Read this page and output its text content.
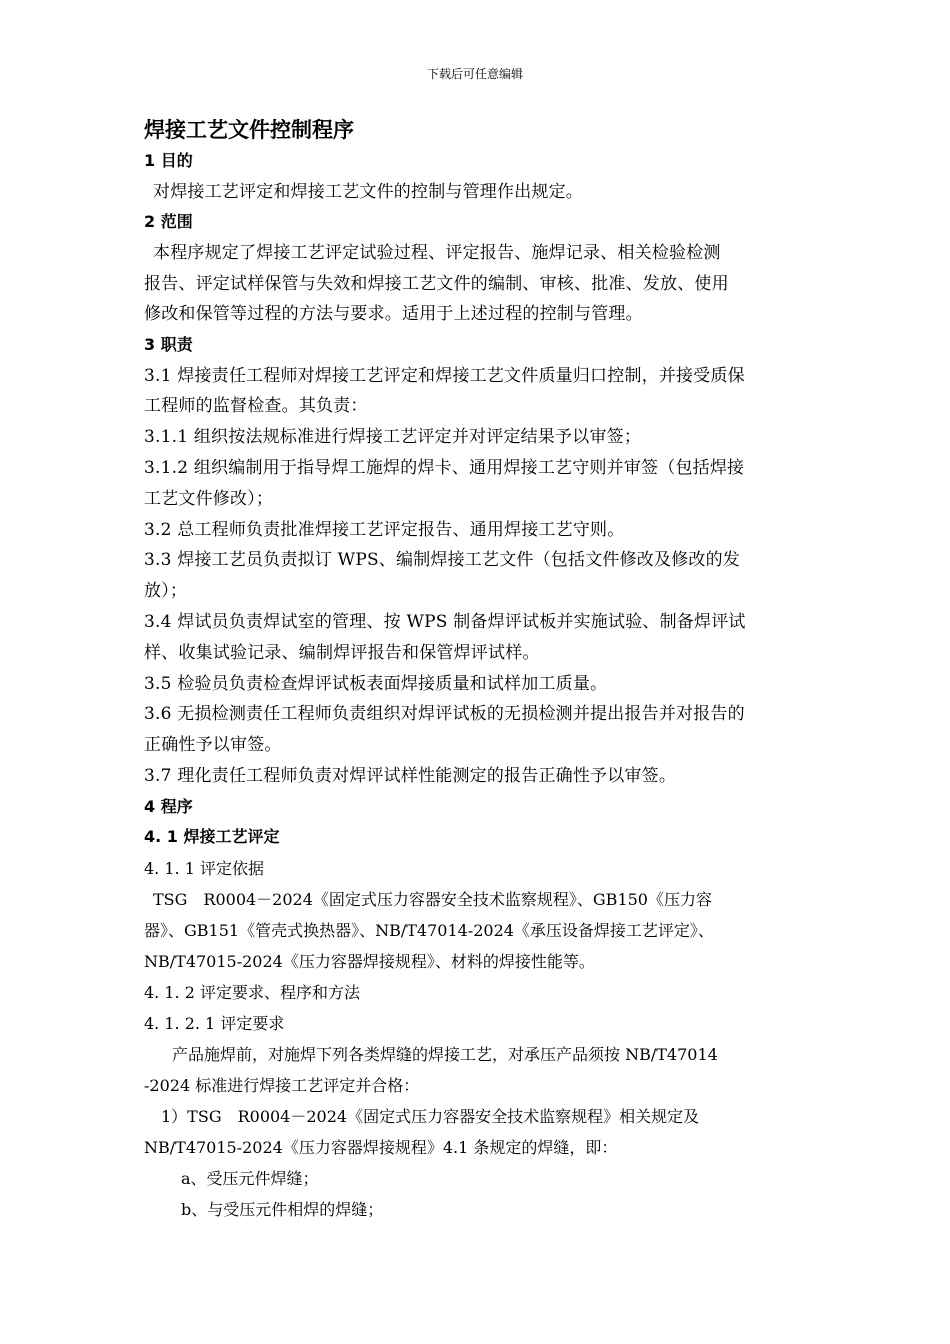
下载后可任意编辑
焊接工艺文件控制程序
1 目的
对焊接工艺评定和焊接工艺文件的控制与管理作出规定。
2 范围
本程序规定了焊接工艺评定试验过程、评定报告、施焊记录、相关检验检测
报告、评定试样保管与失效和焊接工艺文件的编制、审核、批准、发放、使用
修改和保管等过程的方法与要求。适用于上述过程的控制与管理。
3 职责
3.1 焊接责任工程师对焊接工艺评定和焊接工艺文件质量归口控制，并接受质保
工程师的监督检查。其负责：
3.1.1 组织按法规标准进行焊接工艺评定并对评定结果予以审签；
3.1.2 组织编制用于指导焊工施焊的焊卡、通用焊接工艺守则并审签（包括焊接
工艺文件修改）；
3.2 总工程师负责批准焊接工艺评定报告、通用焊接工艺守则。
3.3 焊接工艺员负责拟订 WPS、编制焊接工艺文件（包括文件修改及修改的发
放）；
3.4 焊试员负责焊试室的管理、按 WPS 制备焊评试板并实施试验、制备焊评试
样、收集试验记录、编制焊评报告和保管焊评试样。
3.5 检验员负责检查焊评试板表面焊接质量和试样加工质量。
3.6 无损检测责任工程师负责组织对焊评试板的无损检测并提出报告并对报告的
正确性予以审签。
3.7 理化责任工程师负责对焊评试样性能测定的报告正确性予以审签。
4 程序
4. 1 焊接工艺评定
4. 1. 1 评定依据
TSG　R0004－2024《固定式压力容器安全技术监察规程》、GB150《压力容
器》、GB151《管壳式换热器》、NB/T47014-2024《承压设备焊接工艺评定》、
NB/T47015-2024《压力容器焊接规程》、材料的焊接性能等。
4. 1. 2 评定要求、程序和方法
4. 1. 2. 1 评定要求
产品施焊前，对施焊下列各类焊缝的焊接工艺，对承压产品须按 NB/T47014
-2024 标准进行焊接工艺评定并合格：
1）TSG　R0004－2024《固定式压力容器安全技术监察规程》相关规定及
NB/T47015-2024《压力容器焊接规程》4.1 条规定的焊缝，即：
a、受压元件焊缝；
b、与受压元件相焊的焊缝；
